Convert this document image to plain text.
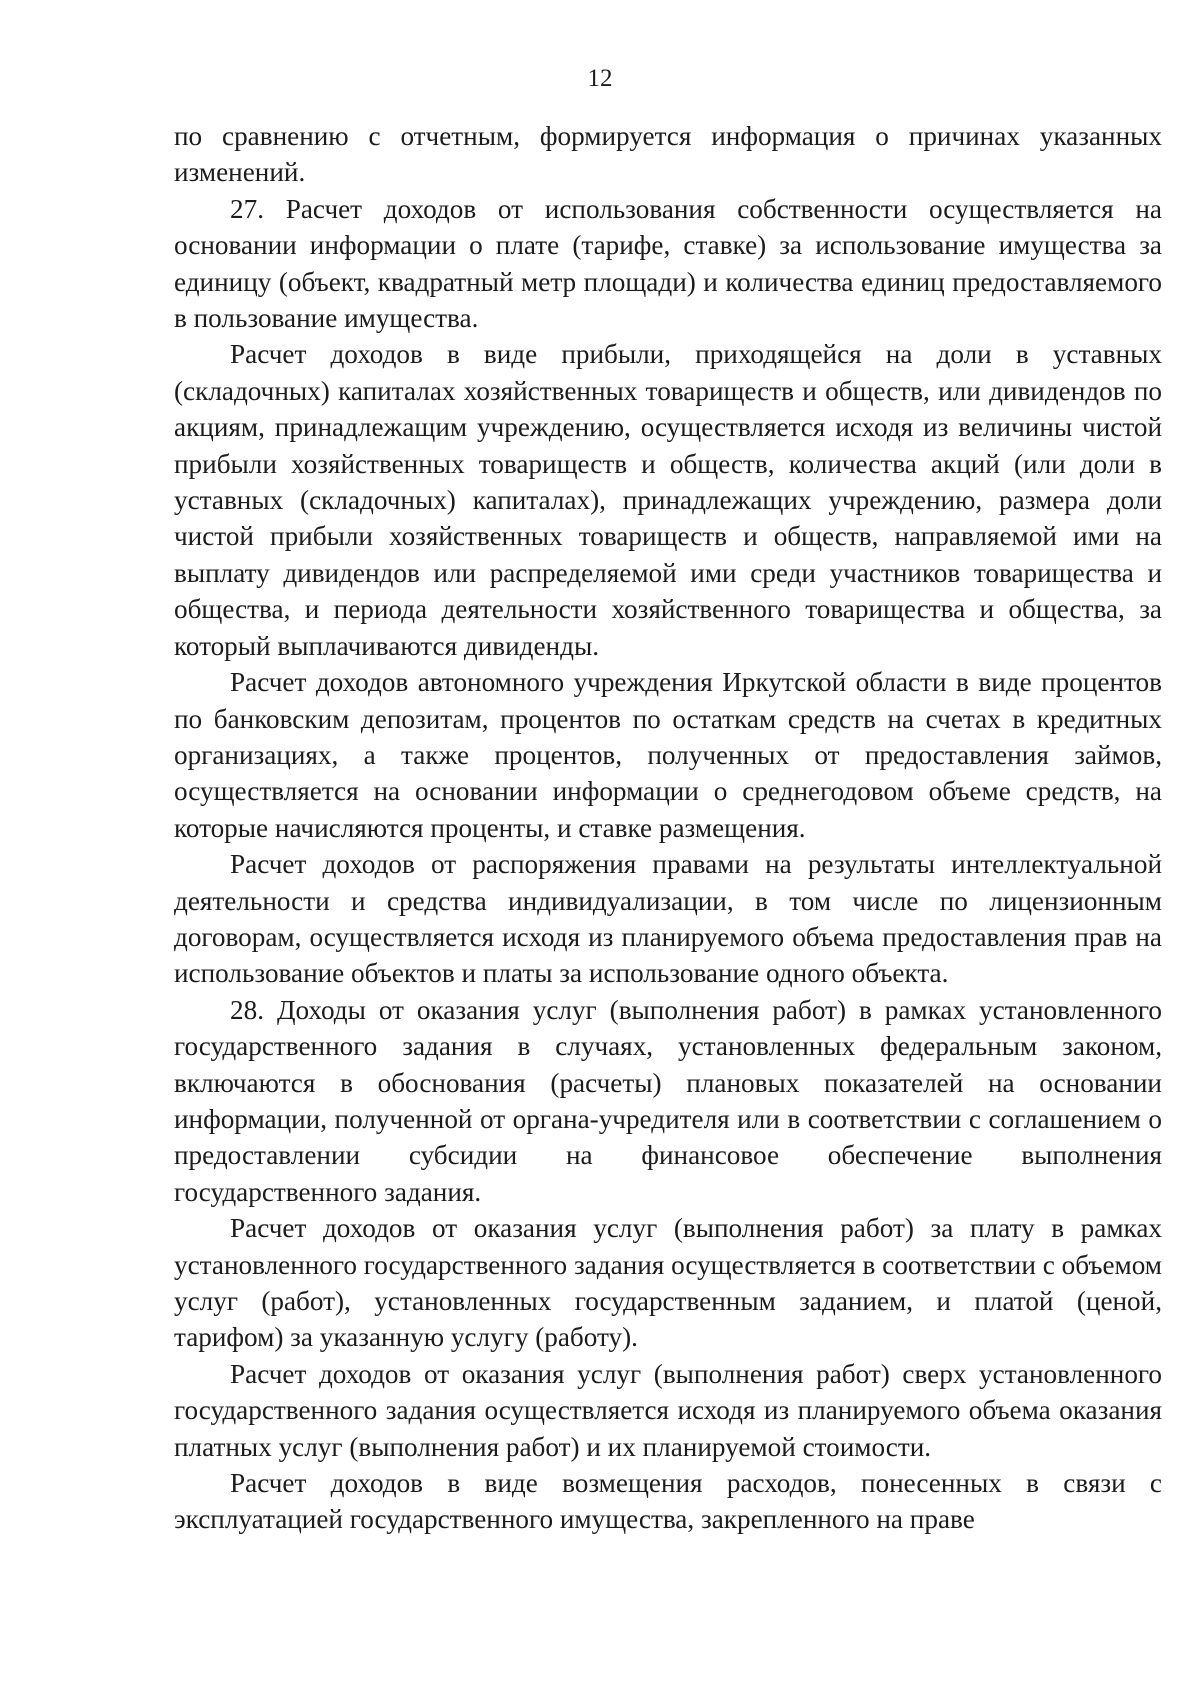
12

по сравнению с отчетным, формируется информация о причинах указанных изменений.

27. Расчет доходов от использования собственности осуществляется на основании информации о плате (тарифе, ставке) за использование имущества за единицу (объект, квадратный метр площади) и количества единиц предоставляемого в пользование имущества.

Расчет доходов в виде прибыли, приходящейся на доли в уставных (складочных) капиталах хозяйственных товариществ и обществ, или дивидендов по акциям, принадлежащим учреждению, осуществляется исходя из величины чистой прибыли хозяйственных товариществ и обществ, количества акций (или доли в уставных (складочных) капиталах), принадлежащих учреждению, размера доли чистой прибыли хозяйственных товариществ и обществ, направляемой ими на выплату дивидендов или распределяемой ими среди участников товарищества и общества, и периода деятельности хозяйственного товарищества и общества, за который выплачиваются дивиденды.

Расчет доходов автономного учреждения Иркутской области в виде процентов по банковским депозитам, процентов по остаткам средств на счетах в кредитных организациях, а также процентов, полученных от предоставления займов, осуществляется на основании информации о среднегодовом объеме средств, на которые начисляются проценты, и ставке размещения.

Расчет доходов от распоряжения правами на результаты интеллектуальной деятельности и средства индивидуализации, в том числе по лицензионным договорам, осуществляется исходя из планируемого объема предоставления прав на использование объектов и платы за использование одного объекта.

28. Доходы от оказания услуг (выполнения работ) в рамках установленного государственного задания в случаях, установленных федеральным законом, включаются в обоснования (расчеты) плановых показателей на основании информации, полученной от органа-учредителя или в соответствии с соглашением о предоставлении субсидии на финансовое обеспечение выполнения государственного задания.

Расчет доходов от оказания услуг (выполнения работ) за плату в рамках установленного государственного задания осуществляется в соответствии с объемом услуг (работ), установленных государственным заданием, и платой (ценой, тарифом) за указанную услугу (работу).

Расчет доходов от оказания услуг (выполнения работ) сверх установленного государственного задания осуществляется исходя из планируемого объема оказания платных услуг (выполнения работ) и их планируемой стоимости.

Расчет доходов в виде возмещения расходов, понесенных в связи с эксплуатацией государственного имущества, закрепленного на праве
